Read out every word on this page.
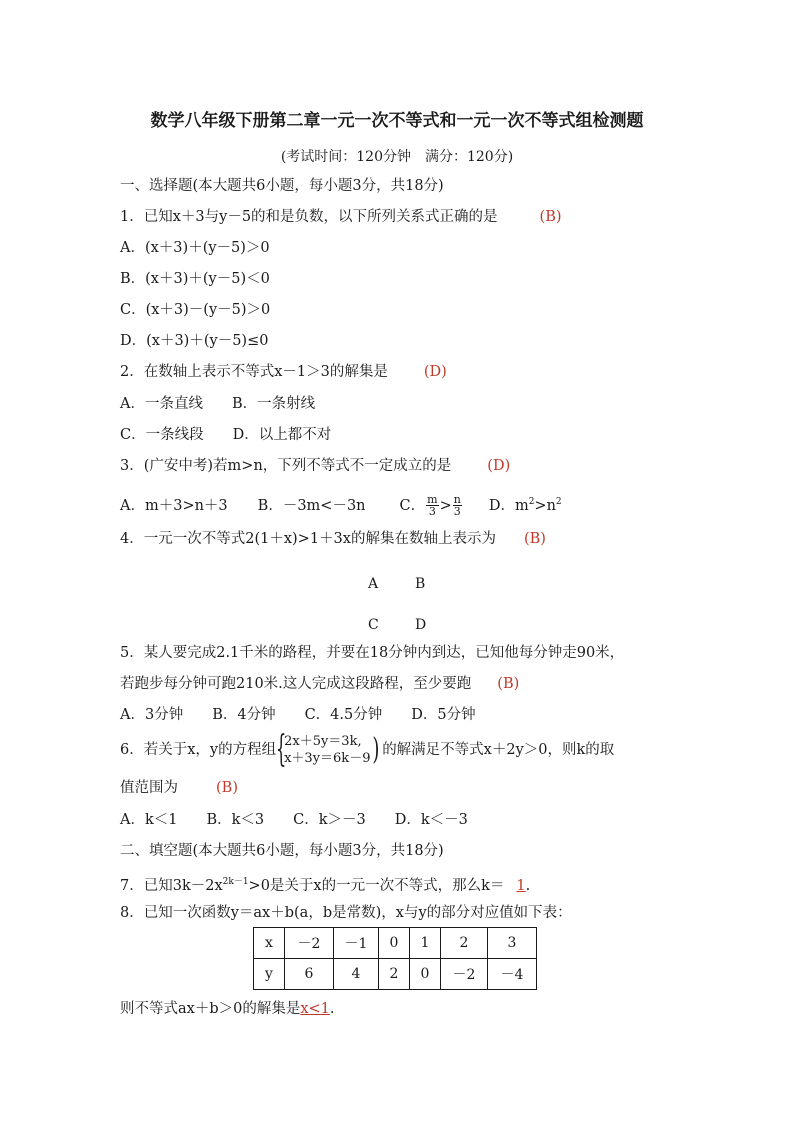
数学八年级下册第二章一元一次不等式和一元一次不等式组检测题
(考试时间：120分钟　满分：120分)
一、选择题(本大题共6小题，每小题3分，共18分)
1．已知x＋3与y－5的和是负数，以下所列关系式正确的是	(B)
A．(x＋3)＋(y－5)＞0
B．(x＋3)＋(y－5)＜0
C．(x＋3)－(y－5)＞0
D．(x＋3)＋(y－5)≤0
2．在数轴上表示不等式x－1＞3的解集是 (D)
A．一条直线　　B．一条射线
C．一条线段　　D．以上都不对
3．(广安中考)若m>n，下列不等式不一定成立的是 (D)
A．m＋3>n＋3 B．－3m<－3n C． $\frac{m}{3} > \frac{n}{3}$ D．$m^2>n^2$
4．一元一次不等式2(1＋x)>1＋3x的解集在数轴上表示为 (B)
A	B
C	D
5．某人要完成2.1千米的路程，并要在18分钟内到达，已知他每分钟走90米，
若跑步每分钟可跑210米.这人完成这段路程，至少要跑 (B)
A．3分钟　　B．4分钟　　C．4.5分钟　　D．5分钟
6．若关于x，y的方程组 {
2x＋5y＝3k,
x＋3y＝6k－9 ) 的解满足不等式x＋2y＞0，则k的取
值范围为	(B)
A．k＜1　　B．k＜3　　C．k＞－3　　D．k＜－3
二、填空题(本大题共6小题，每小题3分，共18分)
7．已知$3k-2x^{2k-1}>0$是关于x的一元一次不等式，那么k＝ 1.
8．已知一次函数y＝ax＋b(a，b是常数)，x与y的部分对应值如下表：
x	－2	－1	0	1	2	3
y	6	4	2	0	－2	－4
则不等式ax＋b＞0的解集是x<1.
